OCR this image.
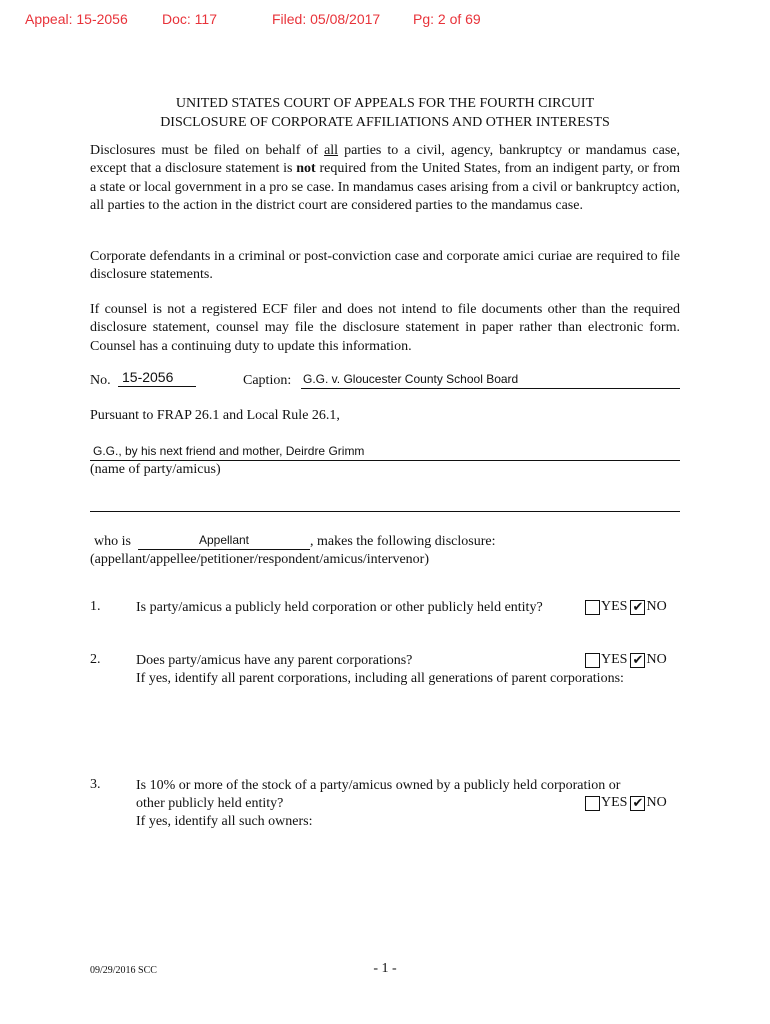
Appeal: 15-2056 Doc: 117	Filed: 05/08/2017 Pg: 2 of 69
UNITED STATES COURT OF APPEALS FOR THE FOURTH CIRCUIT
DISCLOSURE OF CORPORATE AFFILIATIONS AND OTHER INTERESTS
Disclosures must be filed on behalf of all parties to a civil, agency, bankruptcy or mandamus case, except that a disclosure statement is not required from the United States, from an indigent party, or from a state or local government in a pro se case. In mandamus cases arising from a civil or bankruptcy action, all parties to the action in the district court are considered parties to the mandamus case.
Corporate defendants in a criminal or post-conviction case and corporate amici curiae are required to file disclosure statements.
If counsel is not a registered ECF filer and does not intend to file documents other than the required disclosure statement, counsel may file the disclosure statement in paper rather than electronic form. Counsel has a continuing duty to update this information.
No. 15-2056	Caption: G.G. v. Gloucester County School Board
Pursuant to FRAP 26.1 and Local Rule 26.1,
G.G., by his next friend and mother, Deirdre Grimm
(name of party/amicus)
who is	Appellant	, makes the following disclosure:
(appellant/appellee/petitioner/respondent/amicus/intervenor)
1.	Is party/amicus a publicly held corporation or other publicly held entity?	YES ✔ NO
2.	Does party/amicus have any parent corporations?	YES ✔ NO
If yes, identify all parent corporations, including all generations of parent corporations:
3.	Is 10% or more of the stock of a party/amicus owned by a publicly held corporation or
other publicly held entity?	YES ✔ NO
If yes, identify all such owners:
09/29/2016 SCC	- 1 -
